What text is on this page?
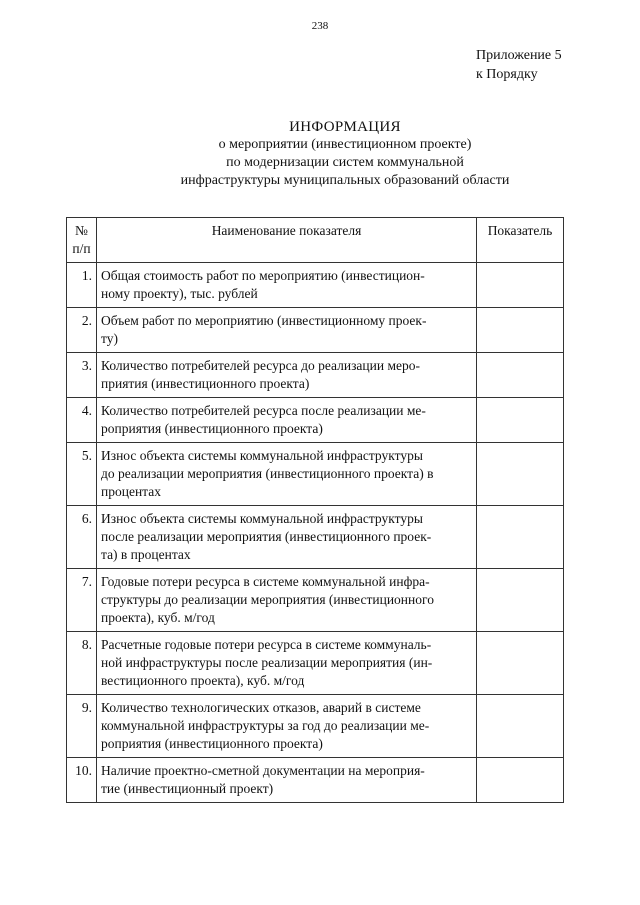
238
Приложение 5
к Порядку
ИНФОРМАЦИЯ
о мероприятии (инвестиционном проекте)
по модернизации систем коммунальной
инфраструктуры муниципальных образований области
№
п/п	Наименование показателя	Показатель
1.	Общая стоимость работ по мероприятию (инвестицион-
ному проекту), тыс. рублей	

2.	Объем работ по мероприятию (инвестиционному проек-
ту)	

3.	Количество потребителей ресурса до реализации меро-
приятия (инвестиционного проекта)	

4.	Количество потребителей ресурса после реализации ме-
роприятия (инвестиционного проекта)	

5.	Износ объекта системы коммунальной инфраструктуры
до реализации мероприятия (инвестиционного проекта) в
процентах	

6.	Износ объекта системы коммунальной инфраструктуры
после реализации мероприятия (инвестиционного проек-
та) в процентах	

7.	Годовые потери ресурса в системе коммунальной инфра-
структуры до реализации мероприятия (инвестиционного
проекта), куб. м/год	

8.	Расчетные годовые потери ресурса в системе коммуналь-
ной инфраструктуры после реализации мероприятия (ин-
вестиционного проекта), куб. м/год	

9.	Количество технологических отказов, аварий в системе
коммунальной инфраструктуры за год до реализации ме-
роприятия (инвестиционного проекта)	

10.	Наличие проектно-сметной документации на мероприя-
тие (инвестиционный проект)	
